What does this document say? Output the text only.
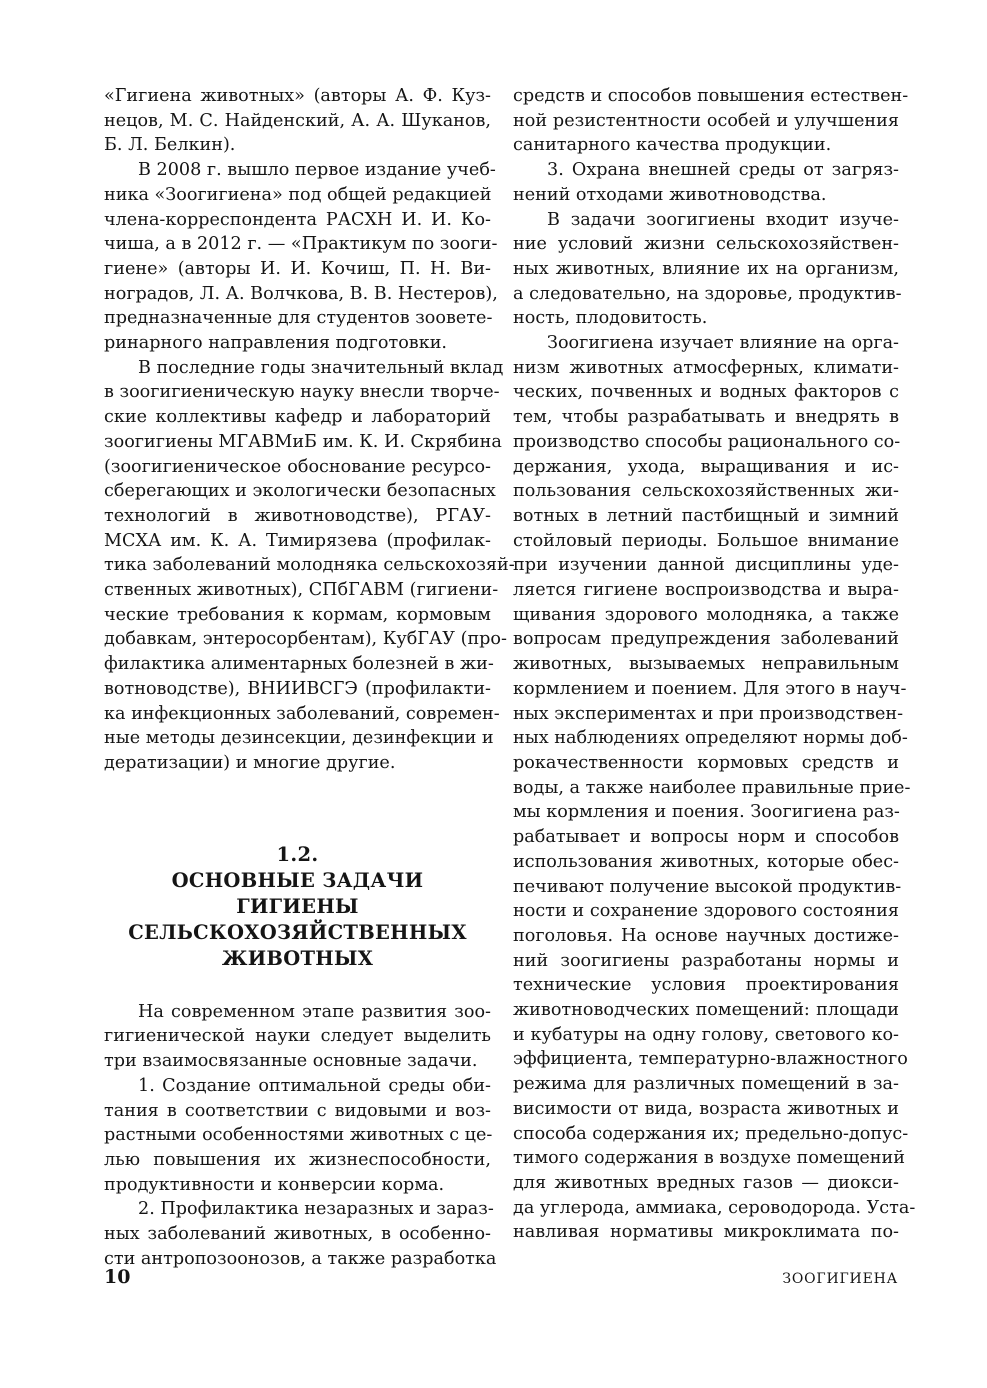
«Гигиена животных» (авторы А. Ф. Куз-
нецов, М. С. Найденский, А. А. Шуканов,
Б. Л. Белкин).
В 2008 г. вышло первое издание учеб-
ника «Зоогигиена» под общей редакцией
члена-корреспондента РАСХН И. И. Ко-
чиша, а в 2012 г. — «Практикум по зооги-
гиене» (авторы И. И. Кочиш, П. Н. Ви-
ноградов, Л. А. Волчкова, В. В. Нестеров),
предназначенные для студентов зоовете-
ринарного направления подготовки.
В последние годы значительный вклад
в зоогигиеническую науку внесли творче-
ские коллективы кафедр и лабораторий
зоогигиены МГАВМиБ им. К. И. Скрябина
(зоогигиеническое обоснование ресурсо-
сберегающих и экологически безопасных
технологий в животноводстве), РГАУ-
МСХА им. К. А. Тимирязева (профилак-
тика заболеваний молодняка сельскохозяй-
ственных животных), СПбГАВМ (гигиени-
ческие требования к кормам, кормовым
добавкам, энтеросорбентам), КубГАУ (про-
филактика алиментарных болезней в жи-
вотноводстве), ВНИИВСГЭ (профилакти-
ка инфекционных заболеваний, современ-
ные методы дезинсекции, дезинфекции и
дератизации) и многие другие.
1.2.
ОСНОВНЫЕ ЗАДАЧИ
ГИГИЕНЫ
СЕЛЬСКОХОЗЯЙСТВЕННЫХ
ЖИВОТНЫХ
На современном этапе развития зоо-
гигиенической науки следует выделить
три взаимосвязанные основные задачи.
1. Создание оптимальной среды оби-
тания в соответствии с видовыми и воз-
растными особенностями животных с це-
лью повышения их жизнеспособности,
продуктивности и конверсии корма.
2. Профилактика незаразных и зараз-
ных заболеваний животных, в особенно-
сти антропозоонозов, а также разработка
средств и способов повышения естествен-
ной резистентности особей и улучшения
санитарного качества продукции.
3. Охрана внешней среды от загряз-
нений отходами животноводства.
В задачи зоогигиены входит изуче-
ние условий жизни сельскохозяйствен-
ных животных, влияние их на организм,
а следовательно, на здоровье, продуктив-
ность, плодовитость.
Зоогигиена изучает влияние на орга-
низм животных атмосферных, климати-
ческих, почвенных и водных факторов с
тем, чтобы разрабатывать и внедрять в
производство способы рационального со-
держания, ухода, выращивания и ис-
пользования сельскохозяйственных жи-
вотных в летний пастбищный и зимний
стойловый периоды. Большое внимание
при изучении данной дисциплины уде-
ляется гигиене воспроизводства и выра-
щивания здорового молодняка, а также
вопросам предупреждения заболеваний
животных, вызываемых неправильным
кормлением и поением. Для этого в науч-
ных экспериментах и при производствен-
ных наблюдениях определяют нормы доб-
рокачественности кормовых средств и
воды, а также наиболее правильные прие-
мы кормления и поения. Зоогигиена раз-
рабатывает и вопросы норм и способов
использования животных, которые обес-
печивают получение высокой продуктив-
ности и сохранение здорового состояния
поголовья. На основе научных достиже-
ний зоогигиены разработаны нормы и
технические условия проектирования
животноводческих помещений: площади
и кубатуры на одну голову, светового ко-
эффициента, температурно-влажностного
режима для различных помещений в за-
висимости от вида, возраста животных и
способа содержания их; предельно-допус-
тимого содержания в воздухе помещений
для животных вредных газов — диокси-
да углерода, аммиака, сероводорода. Уста-
навливая нормативы микроклимата по-
10	ЗООГИГИЕНА
